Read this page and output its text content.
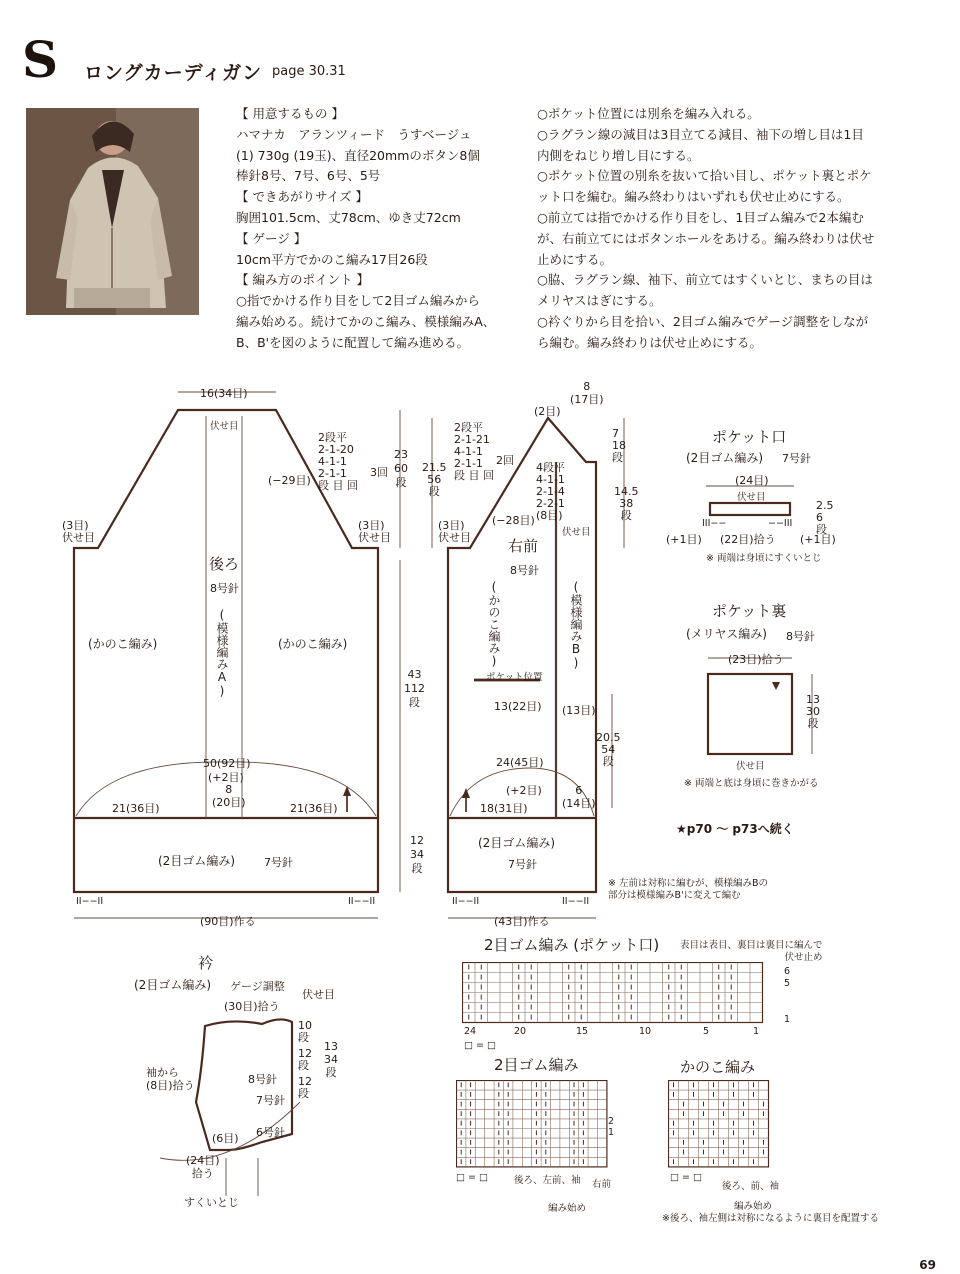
S ロングカーディガン page 30.31
【 用意するもの 】
ハマナカ　アランツィード　うすベージュ
(1) 730g (19玉)、直径20mmのボタン8個
棒針8号、7号、6号、5号
【 できあがりサイズ 】
胸囲101.5cm、丈78cm、ゆき丈72cm
【 ゲージ 】
10cm平方でかのこ編み17目26段
【 編み方のポイント 】
○指でかける作り目をして2目ゴム編みから
編み始める。続けてかのこ編み、模様編みA、
B、B'を図のように配置して編み進める。
○ポケット位置には別糸を編み入れる。
○ラグラン線の減目は3目立てる減目、袖下の増し目は1目
内側をねじり増し目にする。
○ポケット位置の別糸を抜いて拾い目し、ポケット裏とポケ
ット口を編む。編み終わりはいずれも伏せ止めにする。
○前立ては指でかける作り目をし、1目ゴム編みで2本編む
が、右前立てにはボタンホールをあける。編み終わりは伏せ
止めにする。
○脇、ラグラン線、袖下、前立てはすくいとじ、まちの目は
メリヤスはぎにする。
○衿ぐりから目を拾い、2目ゴム編みでゲージ調整をしなが
ら編む。編み終わりは伏せ止めにする。
16(34目)
伏せ目
2段平
2-1-20
4-1-1
2-1-1
段 目 回
3回
(−29目)
(3目)
伏せ目
(3目)
伏せ目
23
60
段
43
112
段
12
34
段
後ろ
8号針
(模様編みA)
(かのこ編み)	(かのこ編み)
50(92目)
(+2目)
8
(20目)
21(36目)	21(36目)
(2目ゴム編み)	7号針
II−−II	II−−II
(90目)作る
8
(17目)
(2目)
7
18
段
14.5
38
段
2段平
2-1-21
4-1-1
2-1-1
段 目 回
2回
4段平
4-1-1
2-1-4
2-2-1
(8目)
伏せ目
(−28目)
21.5
56
段
(3目)
伏せ目 右前
8号針
(かのこ編み)	(模様編みB)
ポケット位置
13(22目) (13目)
20.5
54
段
24(45目)
(+2目)
18(31目)
6
(14目)
(2目ゴム編み)
7号針
※ 左前は対称に編むが、模様編みBの
部分は模様編みB'に変えて編む
II−−II	II−−II
(43目)作る
ポケット口
(2目ゴム編み) 7号針
(24目)
伏せ目
2.5
6
段
III−−	−−III
(+1目) (22目)拾う (+1目)
※ 両端は身頃にすくいとじ
ポケット裏
(メリヤス編み) 8号針
(23目)拾う
13
30
段
伏せ目
※ 両端と底は身頃に巻きかがる
★p70 〜 p73へ続く
衿
(2目ゴム編み) ゲージ調整
(30目)拾う
伏せ目
10
段
12
段
12
段
13
34
段
8号針
7号針
6号針
袖から
(8目)拾う
(6目)
(24目)
拾う
すくいとじ
2目ゴム編み (ポケット口) 表目は表目、裏目は裏目に編んで
伏せ止め
6
5
1
24	20	15	10	5	1
□ = □
2目ゴム編み
2
1
□ = □	後ろ、左前、袖 右前
編み始め
かのこ編み
□ = □
後ろ、前、袖
編み始め
※後ろ、袖左側は対称になるように裏目を配置する
69
